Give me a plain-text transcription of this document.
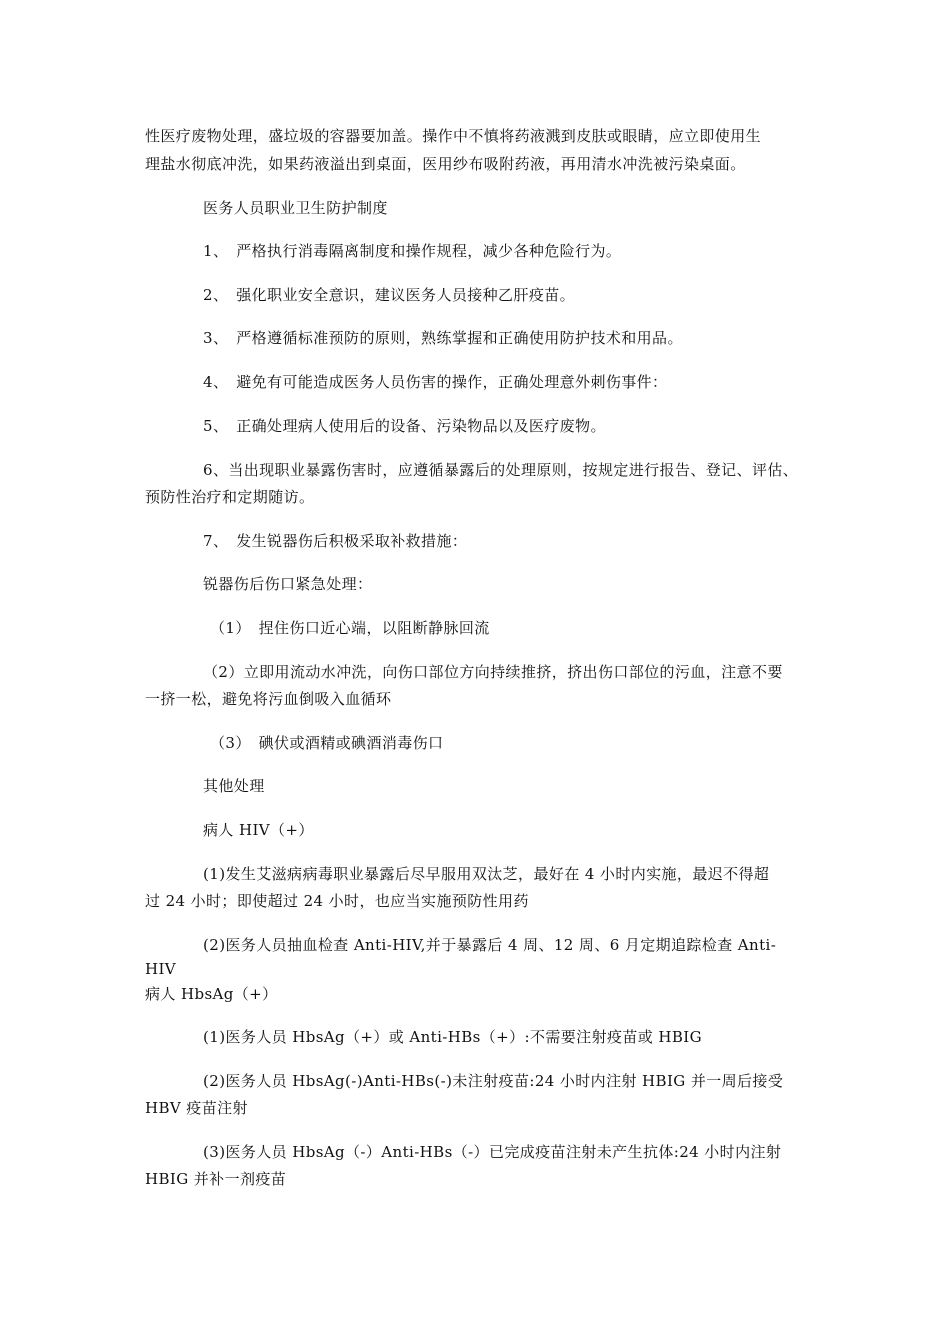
性医疗废物处理，盛垃圾的容器要加盖。操作中不慎将药液溅到皮肤或眼睛，应立即使用生
理盐水彻底冲洗，如果药液溢出到桌面，医用纱布吸附药液，再用清水冲洗被污染桌面。
医务人员职业卫生防护制度
1、　严格执行消毒隔离制度和操作规程，减少各种危险行为。
2、　强化职业安全意识，建议医务人员接种乙肝疫苗。
3、　严格遵循标准预防的原则，熟练掌握和正确使用防护技术和用品。
4、　避免有可能造成医务人员伤害的操作，正确处理意外刺伤事件：
5、　正确处理病人使用后的设备、污染物品以及医疗废物。
6、当出现职业暴露伤害时，应遵循暴露后的处理原则，按规定进行报告、登记、评估、
预防性治疗和定期随访。
7、　发生锐器伤后积极采取补救措施：
锐器伤后伤口紧急处理：
（1）　捏住伤口近心端，以阻断静脉回流
（2）立即用流动水冲洗，向伤口部位方向持续推挤，挤出伤口部位的污血，注意不要
一挤一松，避免将污血倒吸入血循环
（3）　碘伏或酒精或碘酒消毒伤口
其他处理
病人 HIV（+）
(1)发生艾滋病病毒职业暴露后尽早服用双汰芝，最好在 4 小时内实施，最迟不得超
过 24 小时；即使超过 24 小时，也应当实施预防性用药
(2)医务人员抽血检查 Anti-HIV,并于暴露后 4 周、12 周、6 月定期追踪检查 Anti-
HIV
病人 HbsAg（+）
(1)医务人员 HbsAg（+）或 Anti-HBs（+）:不需要注射疫苗或 HBIG
(2)医务人员 HbsAg(-)Anti-HBs(-)未注射疫苗:24 小时内注射 HBIG 并一周后接受
HBV 疫苗注射
(3)医务人员 HbsAg（-）Anti-HBs（-）已完成疫苗注射未产生抗体:24 小时内注射
HBIG 并补一剂疫苗
